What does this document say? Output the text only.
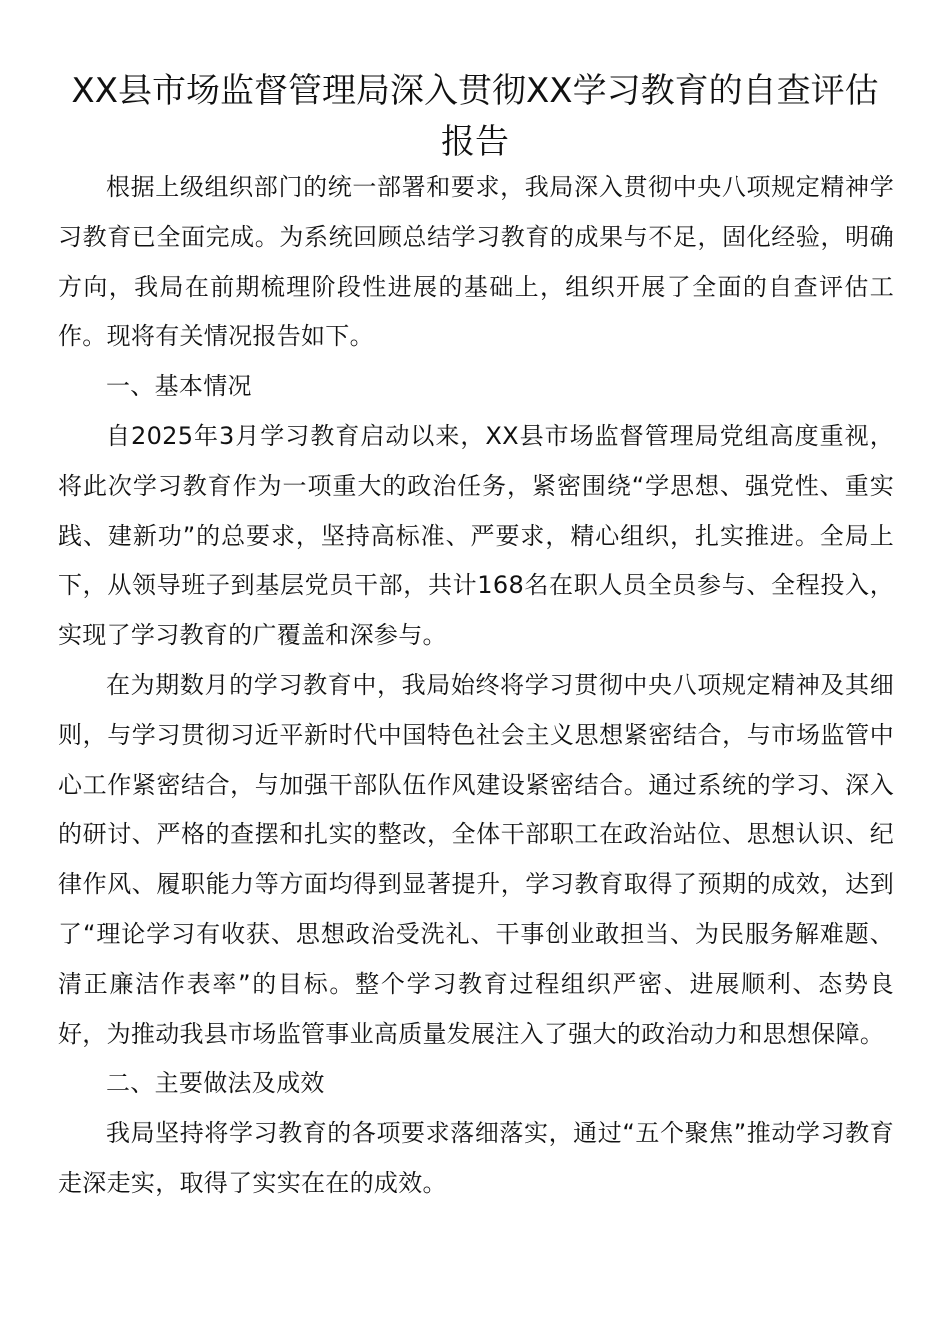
XX县市场监督管理局深入贯彻XX学习教育的自查评估报告

根据上级组织部门的统一部署和要求，我局深入贯彻中央八项规定精神学习教育已全面完成。为系统回顾总结学习教育的成果与不足，固化经验，明确方向，我局在前期梳理阶段性进展的基础上，组织开展了全面的自查评估工作。现将有关情况报告如下。

一、基本情况

自2025年3月学习教育启动以来，XX县市场监督管理局党组高度重视，将此次学习教育作为一项重大的政治任务，紧密围绕“学思想、强党性、重实践、建新功”的总要求，坚持高标准、严要求，精心组织，扎实推进。全局上下，从领导班子到基层党员干部，共计168名在职人员全员参与、全程投入，实现了学习教育的广覆盖和深参与。

在为期数月的学习教育中，我局始终将学习贯彻中央八项规定精神及其细则，与学习贯彻习近平新时代中国特色社会主义思想紧密结合，与市场监管中心工作紧密结合，与加强干部队伍作风建设紧密结合。通过系统的学习、深入的研讨、严格的查摆和扎实的整改，全体干部职工在政治站位、思想认识、纪律作风、履职能力等方面均得到显著提升，学习教育取得了预期的成效，达到了“理论学习有收获、思想政治受洗礼、干事创业敢担当、为民服务解难题、清正廉洁作表率”的目标。整个学习教育过程组织严密、进展顺利、态势良好，为推动我县市场监管事业高质量发展注入了强大的政治动力和思想保障。

二、主要做法及成效

我局坚持将学习教育的各项要求落细落实，通过“五个聚焦”推动学习教育走深走实，取得了实实在在的成效。
